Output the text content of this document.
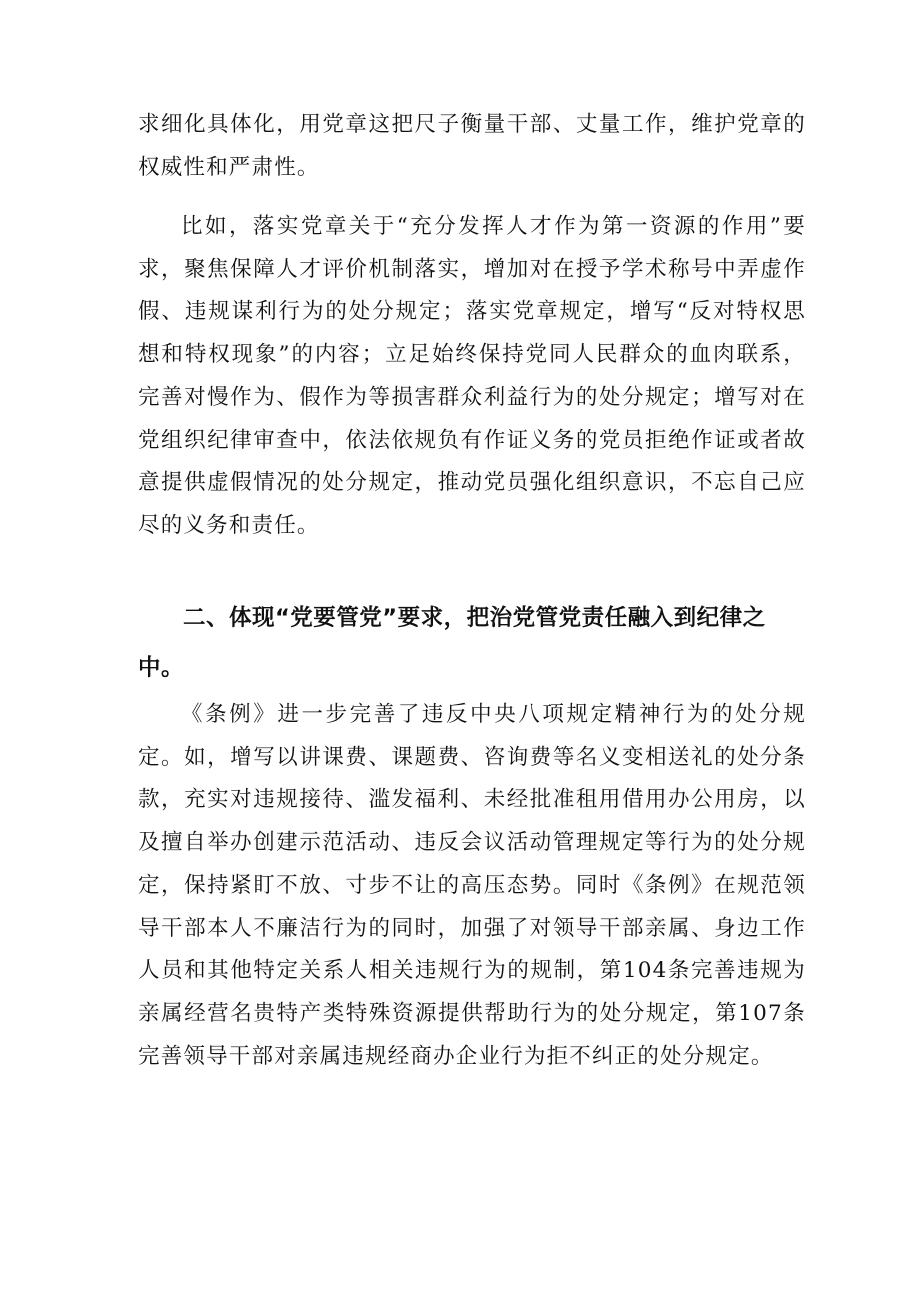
求细化具体化，用党章这把尺子衡量干部、丈量工作，维护党章的权威性和严肃性。

比如，落实党章关于“充分发挥人才作为第一资源的作用”要求，聚焦保障人才评价机制落实，增加对在授予学术称号中弄虚作假、违规谋利行为的处分规定；落实党章规定，增写“反对特权思想和特权现象”的内容；立足始终保持党同人民群众的血肉联系，完善对慢作为、假作为等损害群众利益行为的处分规定；增写对在党组织纪律审查中，依法依规负有作证义务的党员拒绝作证或者故意提供虚假情况的处分规定，推动党员强化组织意识，不忘自己应尽的义务和责任。

二、体现“党要管党”要求，把治党管党责任融入到纪律之中。

《条例》进一步完善了违反中央八项规定精神行为的处分规定。如，增写以讲课费、课题费、咨询费等名义变相送礼的处分条款，充实对违规接待、滥发福利、未经批准租用借用办公用房，以及擅自举办创建示范活动、违反会议活动管理规定等行为的处分规定，保持紧盯不放、寸步不让的高压态势。同时《条例》在规范领导干部本人不廉洁行为的同时，加强了对领导干部亲属、身边工作人员和其他特定关系人相关违规行为的规制，第104条完善违规为亲属经营名贵特产类特殊资源提供帮助行为的处分规定，第107条完善领导干部对亲属违规经商办企业行为拒不纠正的处分规定。
